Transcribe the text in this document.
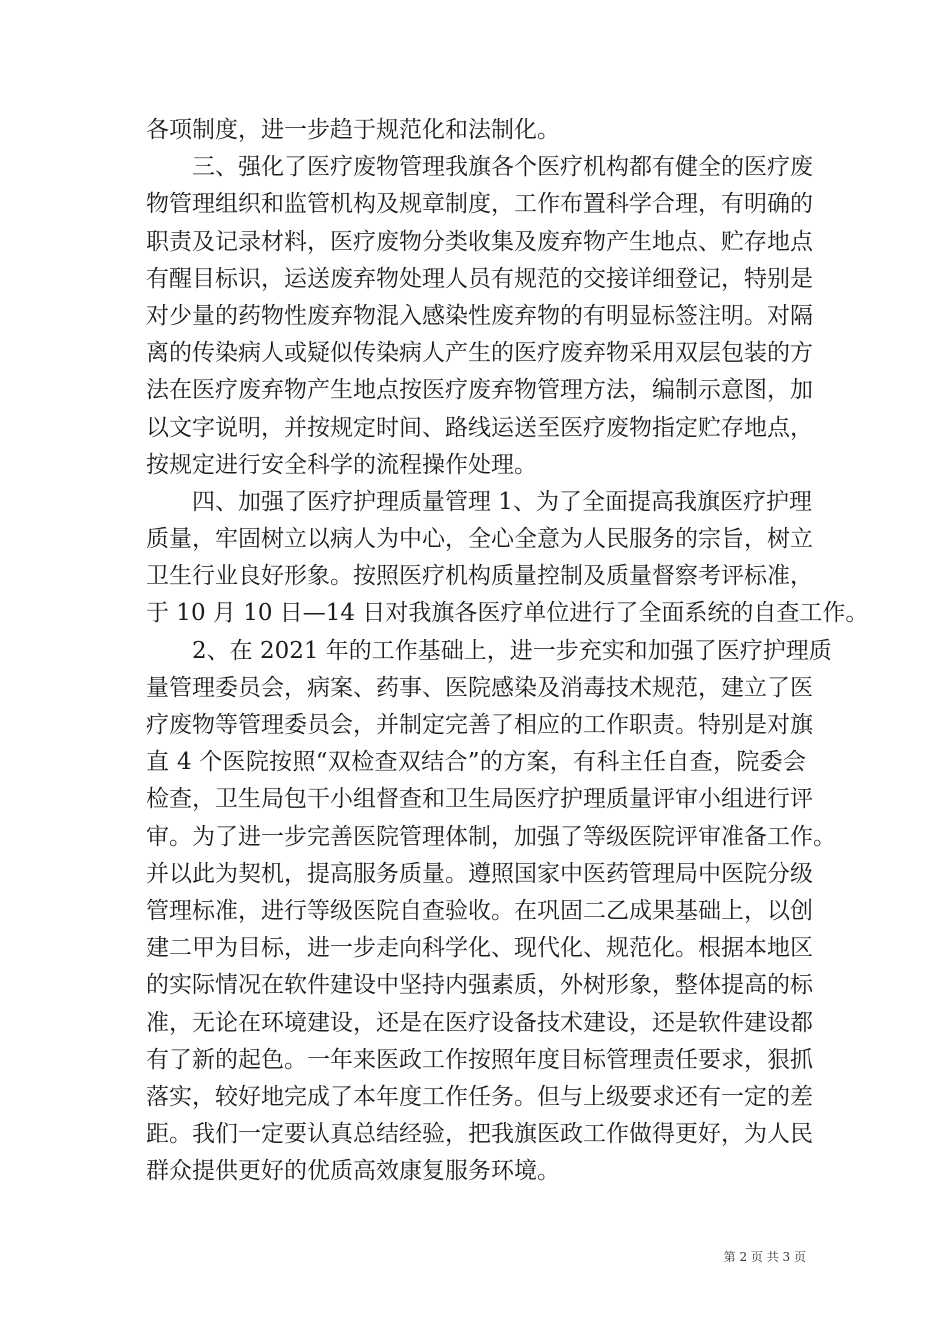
各项制度，进一步趋于规范化和法制化。
三、强化了医疗废物管理我旗各个医疗机构都有健全的医疗废
物管理组织和监管机构及规章制度，工作布置科学合理，有明确的
职责及记录材料，医疗废物分类收集及废弃物产生地点、贮存地点
有醒目标识，运送废弃物处理人员有规范的交接详细登记，特别是
对少量的药物性废弃物混入感染性废弃物的有明显标签注明。对隔
离的传染病人或疑似传染病人产生的医疗废弃物采用双层包装的方
法在医疗废弃物产生地点按医疗废弃物管理方法，编制示意图，加
以文字说明，并按规定时间、路线运送至医疗废物指定贮存地点，
按规定进行安全科学的流程操作处理。
四、加强了医疗护理质量管理 1、为了全面提高我旗医疗护理
质量，牢固树立以病人为中心，全心全意为人民服务的宗旨，树立
卫生行业良好形象。按照医疗机构质量控制及质量督察考评标准，
于 10 月 10 日—14 日对我旗各医疗单位进行了全面系统的自查工作。
2、在 2021 年的工作基础上，进一步充实和加强了医疗护理质
量管理委员会，病案、药事、医院感染及消毒技术规范，建立了医
疗废物等管理委员会，并制定完善了相应的工作职责。特别是对旗
直 4 个医院按照“双检查双结合”的方案，有科主任自查，院委会
检查，卫生局包干小组督查和卫生局医疗护理质量评审小组进行评
审。为了进一步完善医院管理体制，加强了等级医院评审准备工作。
并以此为契机，提高服务质量。遵照国家中医药管理局中医院分级
管理标准，进行等级医院自查验收。在巩固二乙成果基础上，以创
建二甲为目标，进一步走向科学化、现代化、规范化。根据本地区
的实际情况在软件建设中坚持内强素质，外树形象，整体提高的标
准，无论在环境建设，还是在医疗设备技术建设，还是软件建设都
有了新的起色。一年来医政工作按照年度目标管理责任要求，狠抓
落实，较好地完成了本年度工作任务。但与上级要求还有一定的差
距。我们一定要认真总结经验，把我旗医政工作做得更好，为人民
群众提供更好的优质高效康复服务环境。
第 2 页 共 3 页
